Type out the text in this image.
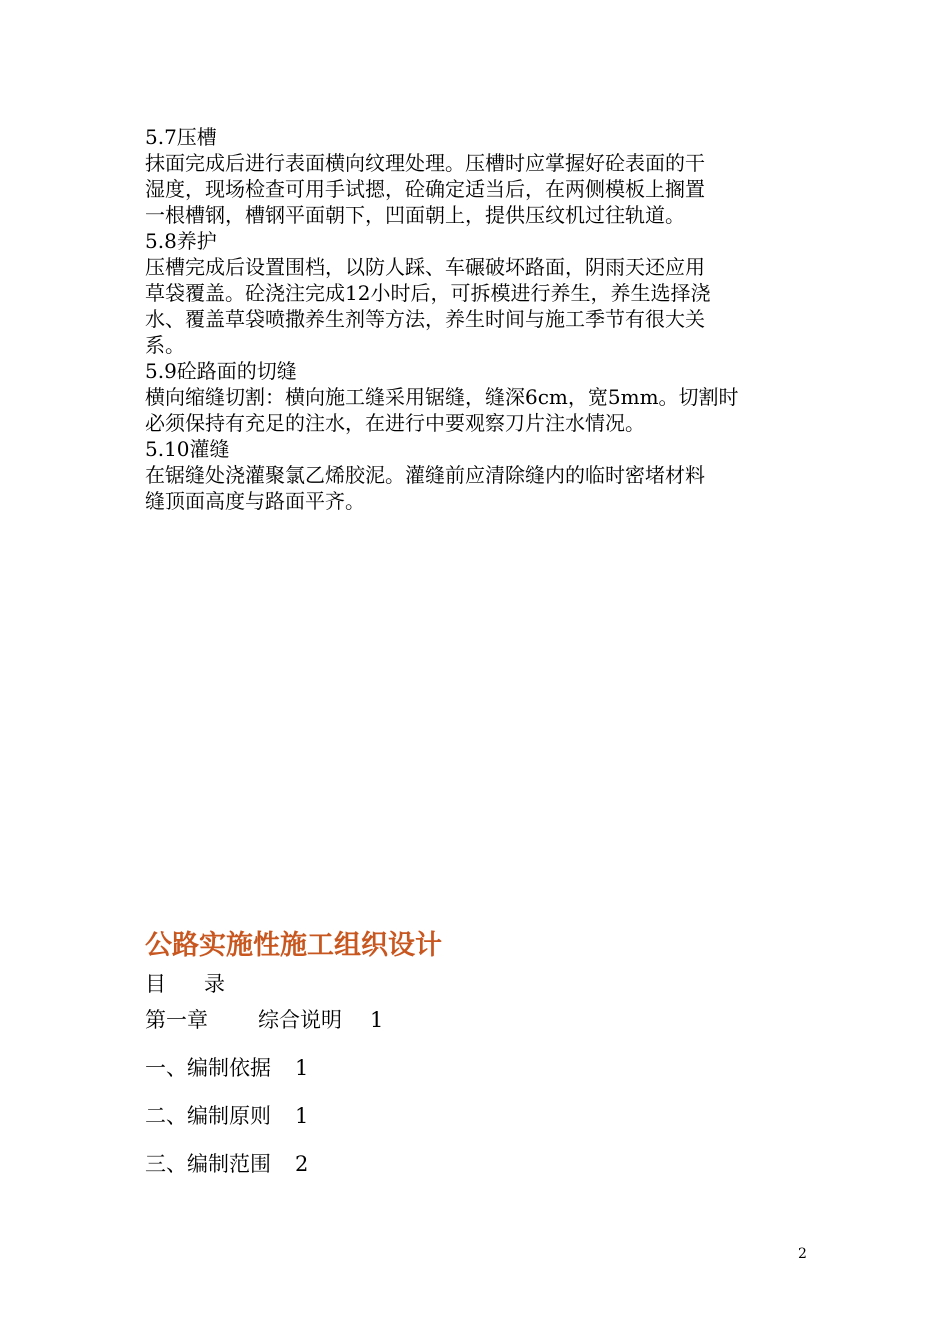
5.7压槽

抹面完成后进行表面横向纹理处理。压槽时应掌握好砼表面的干

湿度，现场检查可用手试摁，砼确定适当后，在两侧模板上搁置

一根槽钢，槽钢平面朝下，凹面朝上，提供压纹机过往轨道。

5.8养护

压槽完成后设置围档，以防人踩、车碾破坏路面，阴雨天还应用

草袋覆盖。砼浇注完成12小时后，可拆模进行养生，养生选择浇

水、覆盖草袋喷撒养生剂等方法，养生时间与施工季节有很大关

系。

5.9砼路面的切缝

横向缩缝切割：横向施工缝采用锯缝，缝深6cm，宽5mm。切割时

必须保持有充足的注水，在进行中要观察刀片注水情况。

5.10灌缝

在锯缝处浇灌聚氯乙烯胶泥。灌缝前应清除缝内的临时密堵材料

缝顶面高度与路面平齐。

公路实施性施工组织设计
目 录
第一章 综合说明 1
一、编制依据 1
二、编制原则 1
三、编制范围 2
2
